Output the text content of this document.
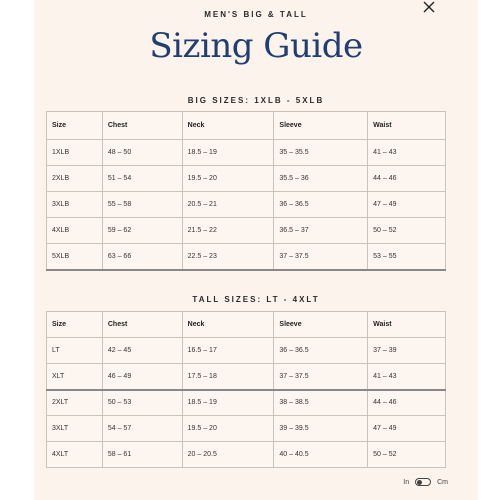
MEN'S BIG & TALL
Sizing Guide
BIG SIZES: 1XLB - 5XLB
Size	Chest	Neck	Sleeve	Waist
1XLB	48 – 50	18.5 – 19	35 – 35.5	41 – 43
2XLB	51 – 54	19.5 – 20	35.5 – 36	44 – 46
3XLB	55 – 58	20.5 – 21	36 – 36.5	47 – 49
4XLB	59 – 62	21.5 – 22	36.5 – 37	50 – 52
5XLB	63 – 66	22.5 – 23	37 – 37.5	53 – 55
TALL SIZES: LT - 4XLT
Size	Chest	Neck	Sleeve	Waist
LT	42 – 45	16.5 – 17	36 – 36.5	37 – 39
XLT	46 – 49	17.5 – 18	37 – 37.5	41 – 43
2XLT	50 – 53	18.5 – 19	38 – 38.5	44 – 46
3XLT	54 – 57	19.5 – 20	39 – 39.5	47 – 49
4XLT	58 – 61	20 – 20.5	40 – 40.5	50 – 52
In	Cm
